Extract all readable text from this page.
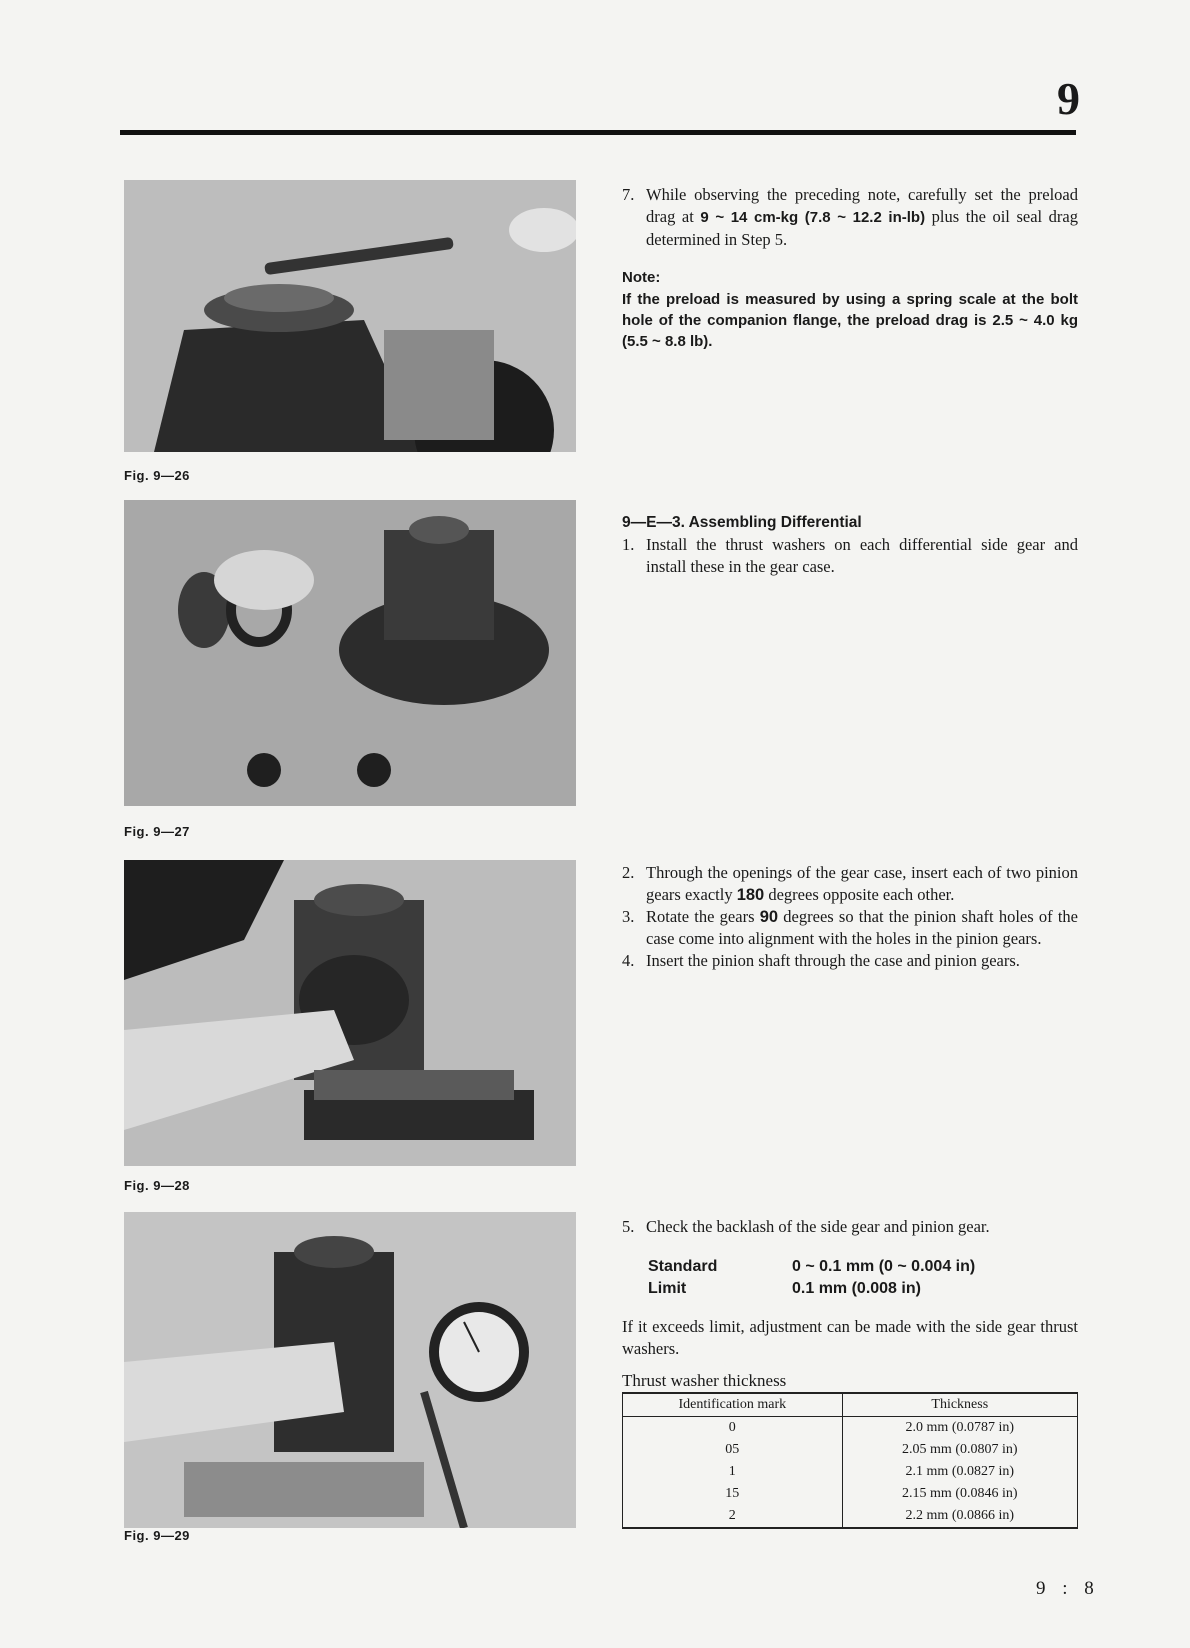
9
Fig. 9—26
Fig. 9—27
Fig. 9—28
Fig. 9—29
7. While observing the preceding note, carefully set the preload drag at 9 ~ 14 cm-kg (7.8 ~ 12.2 in-lb) plus the oil seal drag determined in Step 5.
Note:
If the preload is measured by using a spring scale at the bolt hole of the companion flange, the preload drag is 2.5 ~ 4.0 kg (5.5 ~ 8.8 lb).
9—E—3. Assembling Differential
1. Install the thrust washers on each differential side gear and install these in the gear case.
2. Through the openings of the gear case, insert each of two pinion gears exactly 180 degrees opposite each other.
3. Rotate the gears 90 degrees so that the pinion shaft holes of the case come into alignment with the holes in the pinion gears.
4. Insert the pinion shaft through the case and pinion gears.
5. Check the backlash of the side gear and pinion gear.
Standard	0 ~ 0.1 mm (0 ~ 0.004 in)
Limit	0.1 mm (0.008 in)
If it exceeds limit, adjustment can be made with the side gear thrust washers.
Thrust washer thickness
Identification mark	Thickness
0	2.0 mm (0.0787 in)
05	2.05 mm (0.0807 in)
1	2.1 mm (0.0827 in)
15	2.15 mm (0.0846 in)
2	2.2 mm (0.0866 in)
9 : 8
